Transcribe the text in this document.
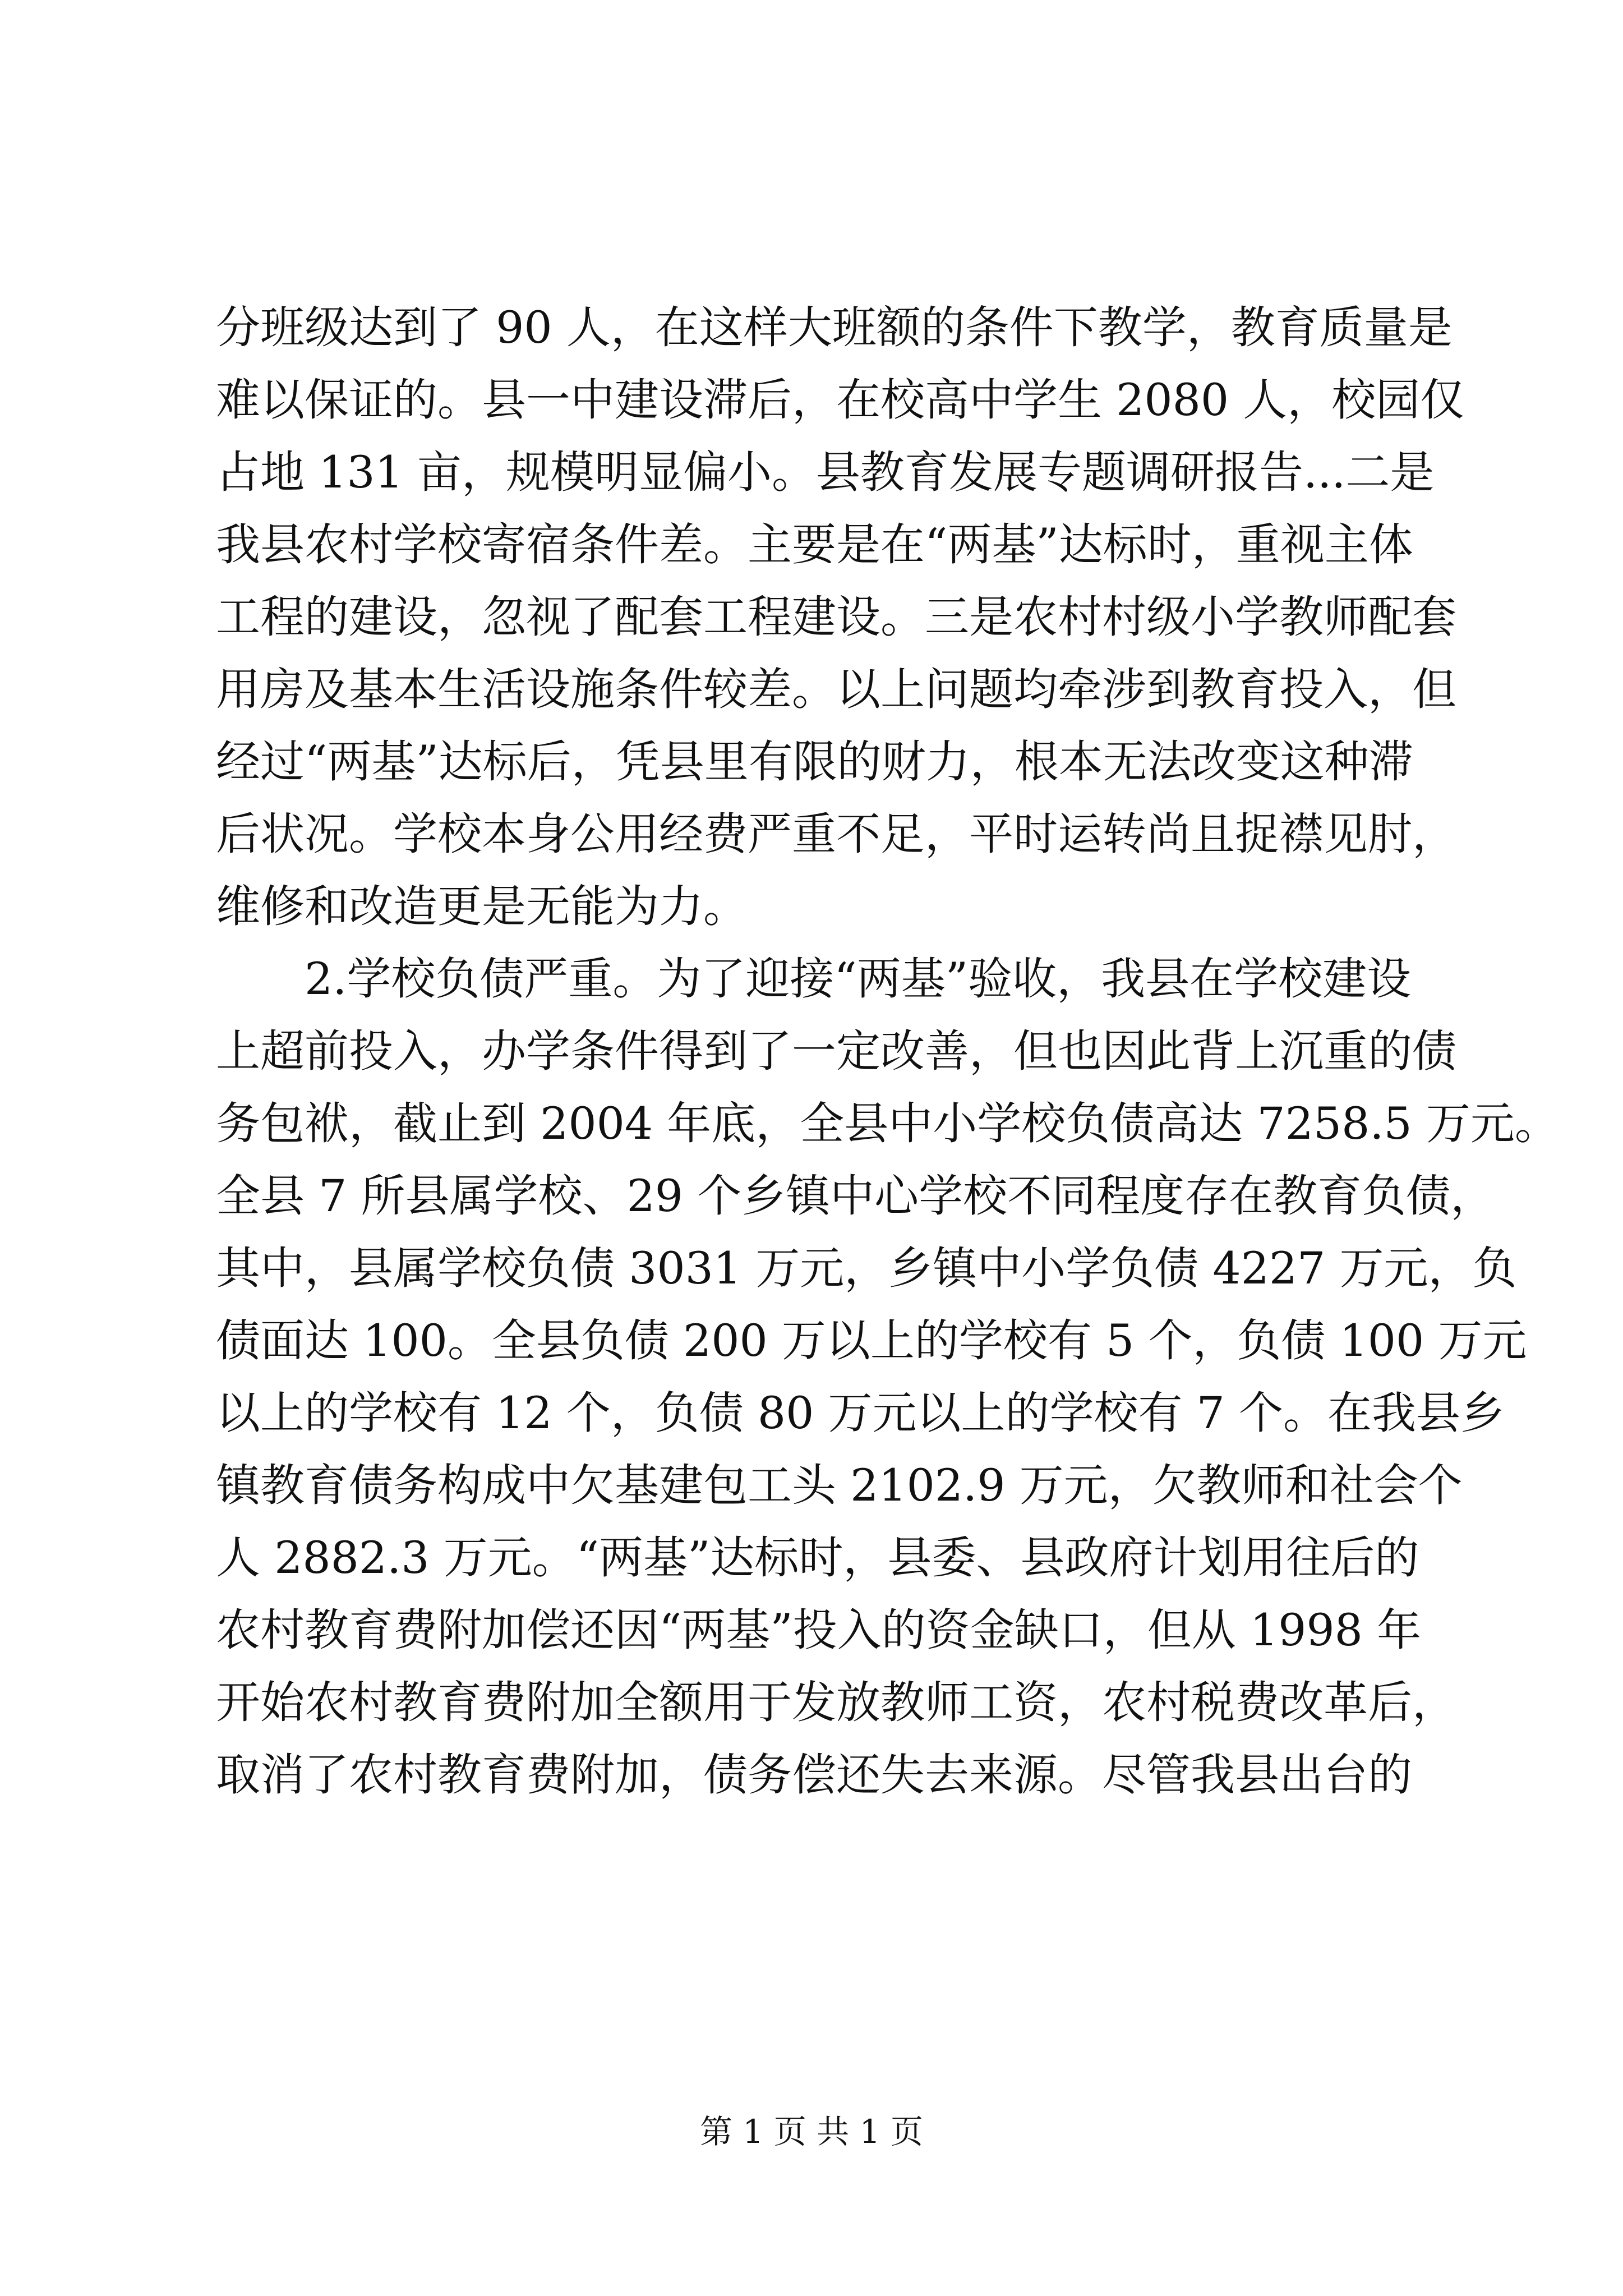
分班级达到了 90 人，在这样大班额的条件下教学，教育质量是
难以保证的。县一中建设滞后，在校高中学生 2080 人，校园仅
占地 131 亩，规模明显偏小。县教育发展专题调研报告...二是
我县农村学校寄宿条件差。主要是在“两基”达标时，重视主体
工程的建设，忽视了配套工程建设。三是农村村级小学教师配套
用房及基本生活设施条件较差。以上问题均牵涉到教育投入，但
经过“两基”达标后，凭县里有限的财力，根本无法改变这种滞
后状况。学校本身公用经费严重不足，平时运转尚且捉襟见肘，
维修和改造更是无能为力。
　　2.学校负债严重。为了迎接“两基”验收，我县在学校建设
上超前投入，办学条件得到了一定改善，但也因此背上沉重的债
务包袱，截止到 2004 年底，全县中小学校负债高达 7258.5 万元。
全县 7 所县属学校、29 个乡镇中心学校不同程度存在教育负债，
其中，县属学校负债 3031 万元，乡镇中小学负债 4227 万元，负
债面达 100。全县负债 200 万以上的学校有 5 个，负债 100 万元
以上的学校有 12 个，负债 80 万元以上的学校有 7 个。在我县乡
镇教育债务构成中欠基建包工头 2102.9 万元，欠教师和社会个
人 2882.3 万元。“两基”达标时，县委、县政府计划用往后的
农村教育费附加偿还因“两基”投入的资金缺口，但从 1998 年
开始农村教育费附加全额用于发放教师工资，农村税费改革后，
取消了农村教育费附加，债务偿还失去来源。尽管我县出台的
第 1 页 共 1 页
